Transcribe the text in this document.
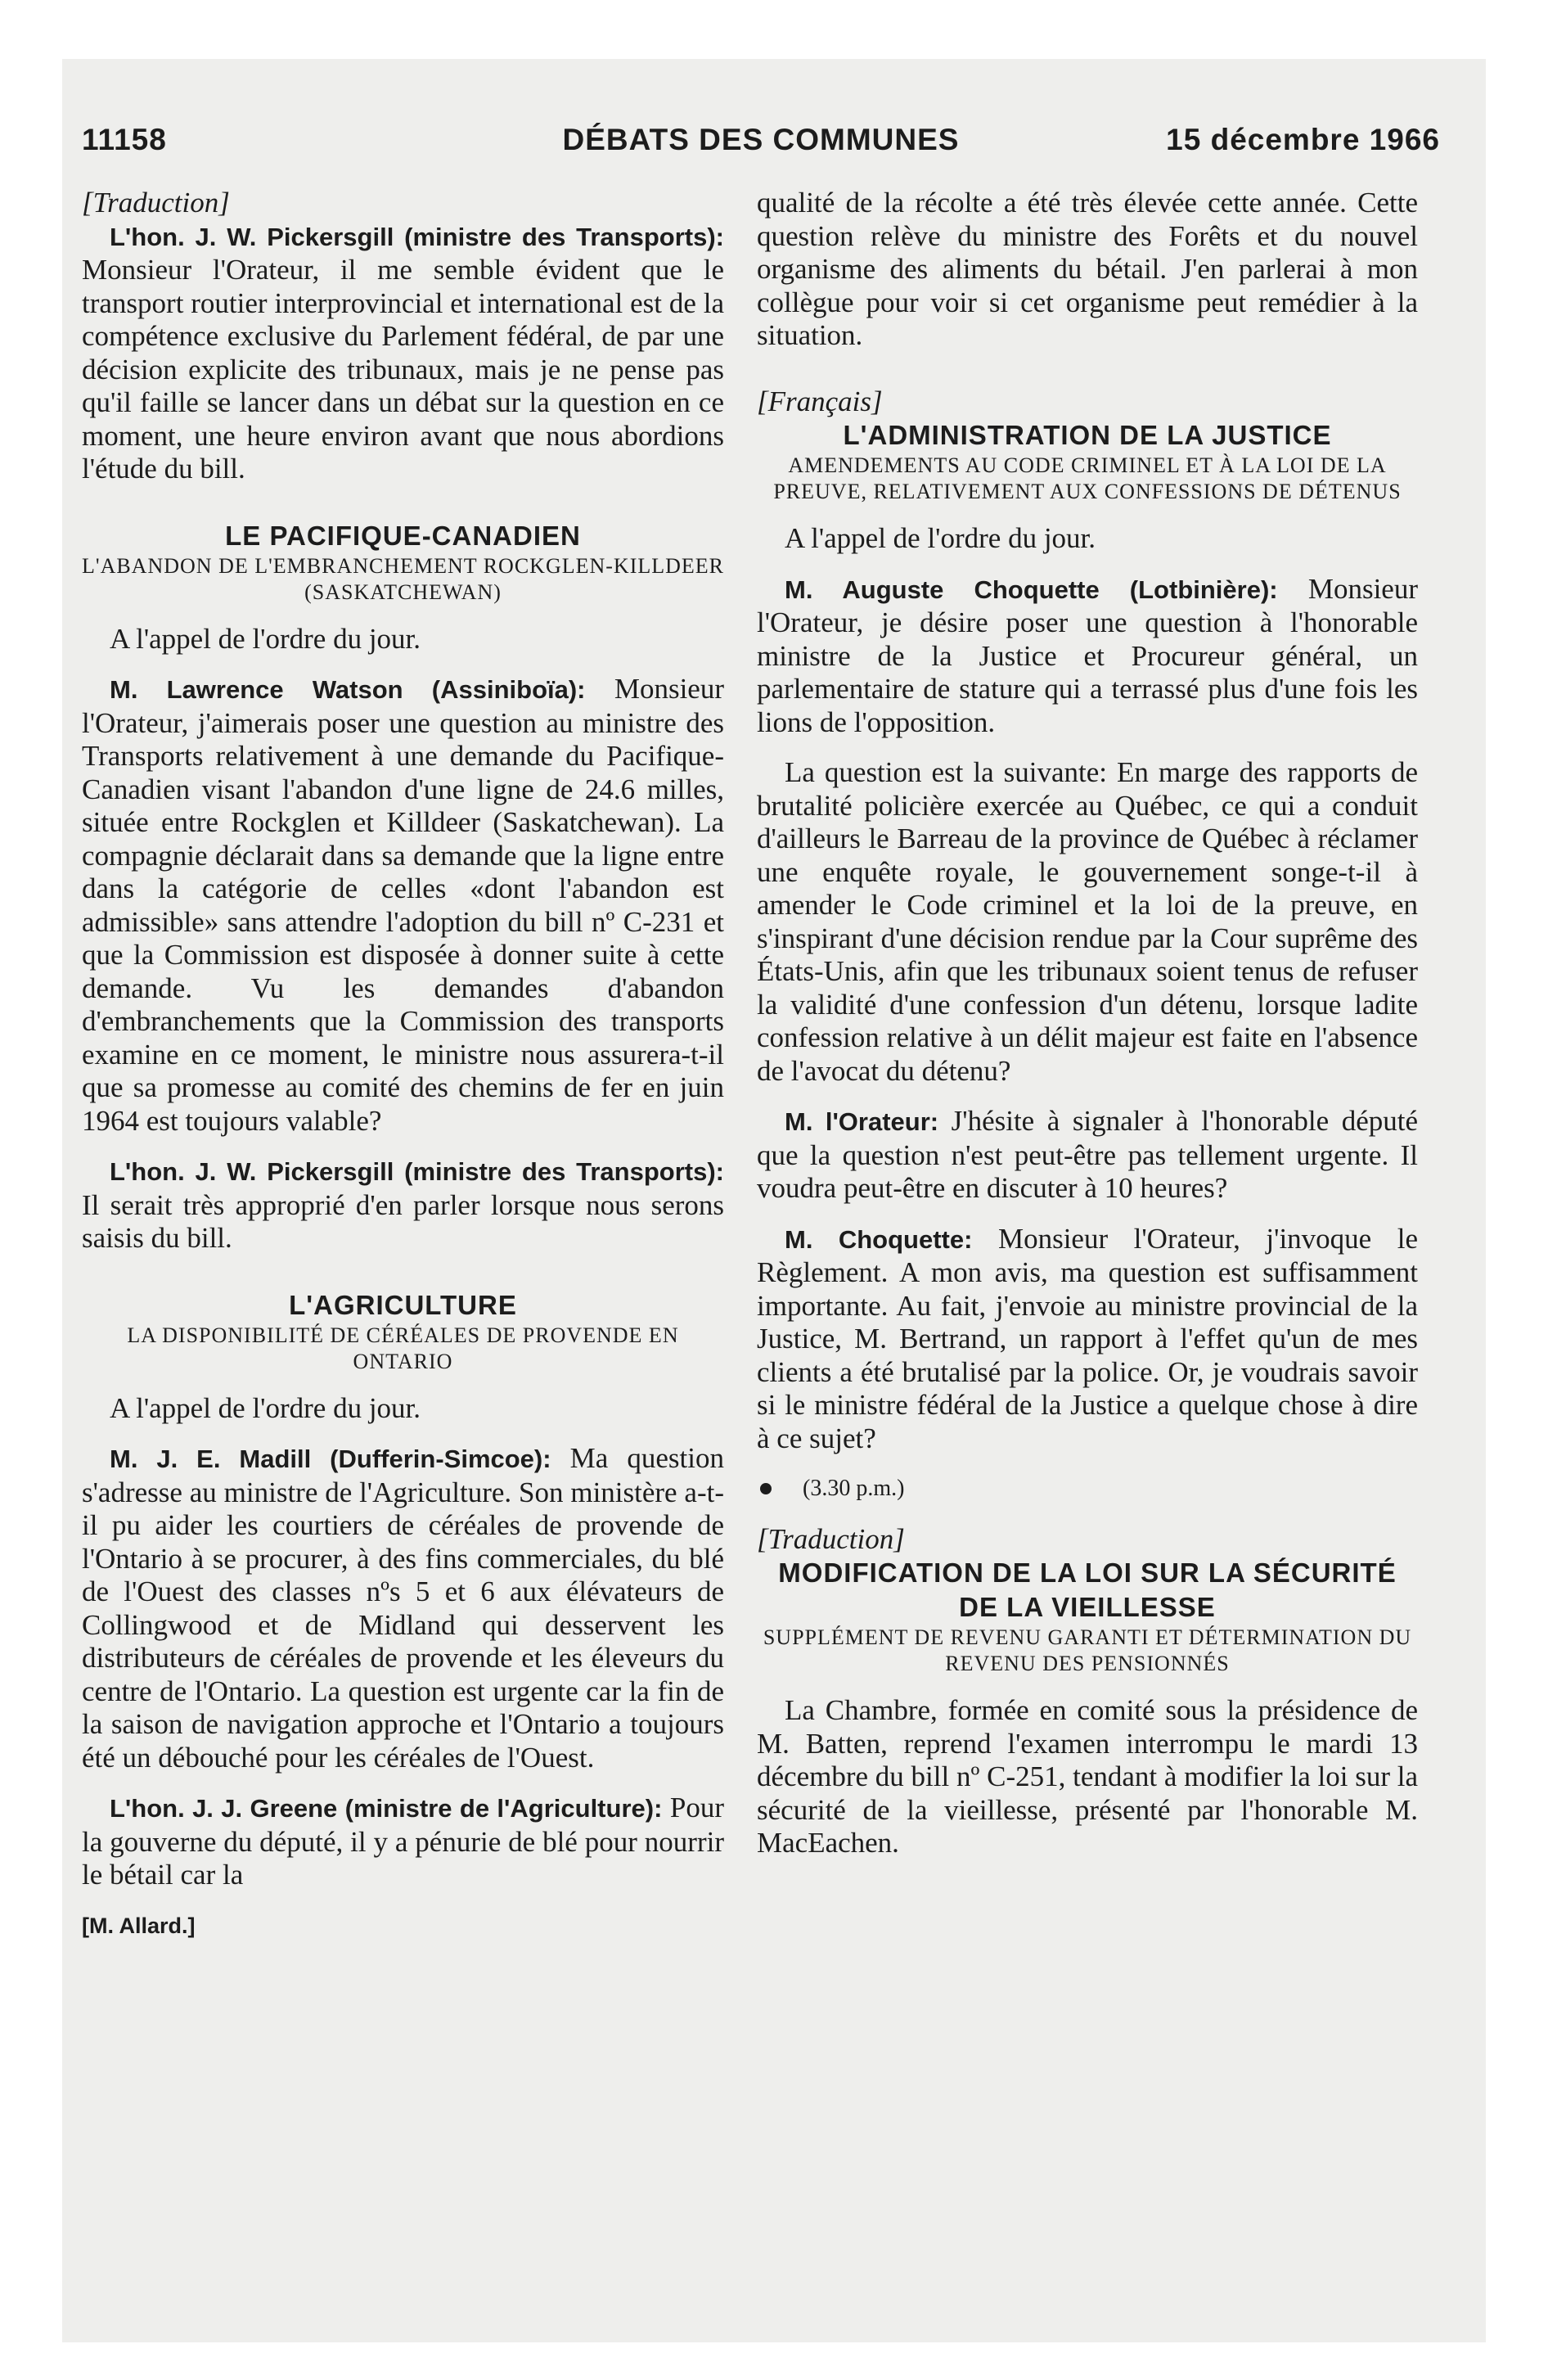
11158	DÉBATS DES COMMUNES	15 décembre 1966

[Traduction]

L'hon. J. W. Pickersgill (ministre des Transports): Monsieur l'Orateur, il me semble évident que le transport routier interprovincial et international est de la compétence exclusive du Parlement fédéral, de par une décision explicite des tribunaux, mais je ne pense pas qu'il faille se lancer dans un débat sur la question en ce moment, une heure environ avant que nous abordions l'étude du bill.

LE PACIFIQUE-CANADIEN

L'ABANDON DE L'EMBRANCHEMENT ROCKGLEN-KILLDEER (SASKATCHEWAN)

A l'appel de l'ordre du jour.

M. Lawrence Watson (Assiniboïa): Monsieur l'Orateur, j'aimerais poser une question au ministre des Transports relativement à une demande du Pacifique-Canadien visant l'abandon d'une ligne de 24.6 milles, située entre Rockglen et Killdeer (Saskatchewan). La compagnie déclarait dans sa demande que la ligne entre dans la catégorie de celles «dont l'abandon est admissible» sans attendre l'adoption du bill nº C-231 et que la Commission est disposée à donner suite à cette demande. Vu les demandes d'abandon d'embranchements que la Commission des transports examine en ce moment, le ministre nous assurera-t-il que sa promesse au comité des chemins de fer en juin 1964 est toujours valable?

L'hon. J. W. Pickersgill (ministre des Transports): Il serait très approprié d'en parler lorsque nous serons saisis du bill.

L'AGRICULTURE

LA DISPONIBILITÉ DE CÉRÉALES DE PROVENDE EN ONTARIO

A l'appel de l'ordre du jour.

M. J. E. Madill (Dufferin-Simcoe): Ma question s'adresse au ministre de l'Agriculture. Son ministère a-t-il pu aider les courtiers de céréales de provende de l'Ontario à se procurer, à des fins commerciales, du blé de l'Ouest des classes nºs 5 et 6 aux élévateurs de Collingwood et de Midland qui desservent les distributeurs de céréales de provende et les éleveurs du centre de l'Ontario. La question est urgente car la fin de la saison de navigation approche et l'Ontario a toujours été un débouché pour les céréales de l'Ouest.

L'hon. J. J. Greene (ministre de l'Agriculture): Pour la gouverne du député, il y a pénurie de blé pour nourrir le bétail car la

[M. Allard.]

qualité de la récolte a été très élevée cette année. Cette question relève du ministre des Forêts et du nouvel organisme des aliments du bétail. J'en parlerai à mon collègue pour voir si cet organisme peut remédier à la situation.

[Français]

L'ADMINISTRATION DE LA JUSTICE

AMENDEMENTS AU CODE CRIMINEL ET À LA LOI DE LA PREUVE, RELATIVEMENT AUX CONFESSIONS DE DÉTENUS

A l'appel de l'ordre du jour.

M. Auguste Choquette (Lotbinière): Monsieur l'Orateur, je désire poser une question à l'honorable ministre de la Justice et Procureur général, un parlementaire de stature qui a terrassé plus d'une fois les lions de l'opposition.

La question est la suivante: En marge des rapports de brutalité policière exercée au Québec, ce qui a conduit d'ailleurs le Barreau de la province de Québec à réclamer une enquête royale, le gouvernement songe-t-il à amender le Code criminel et la loi de la preuve, en s'inspirant d'une décision rendue par la Cour suprême des États-Unis, afin que les tribunaux soient tenus de refuser la validité d'une confession d'un détenu, lorsque ladite confession relative à un délit majeur est faite en l'absence de l'avocat du détenu?

M. l'Orateur: J'hésite à signaler à l'honorable député que la question n'est peut-être pas tellement urgente. Il voudra peut-être en discuter à 10 heures?

M. Choquette: Monsieur l'Orateur, j'invoque le Règlement. A mon avis, ma question est suffisamment importante. Au fait, j'envoie au ministre provincial de la Justice, M. Bertrand, un rapport à l'effet qu'un de mes clients a été brutalisé par la police. Or, je voudrais savoir si le ministre fédéral de la Justice a quelque chose à dire à ce sujet?

(3.30 p.m.)

[Traduction]

MODIFICATION DE LA LOI SUR LA SÉCURITÉ DE LA VIEILLESSE

SUPPLÉMENT DE REVENU GARANTI ET DÉTERMINATION DU REVENU DES PENSIONNÉS

La Chambre, formée en comité sous la présidence de M. Batten, reprend l'examen interrompu le mardi 13 décembre du bill nº C-251, tendant à modifier la loi sur la sécurité de la vieillesse, présenté par l'honorable M. MacEachen.
